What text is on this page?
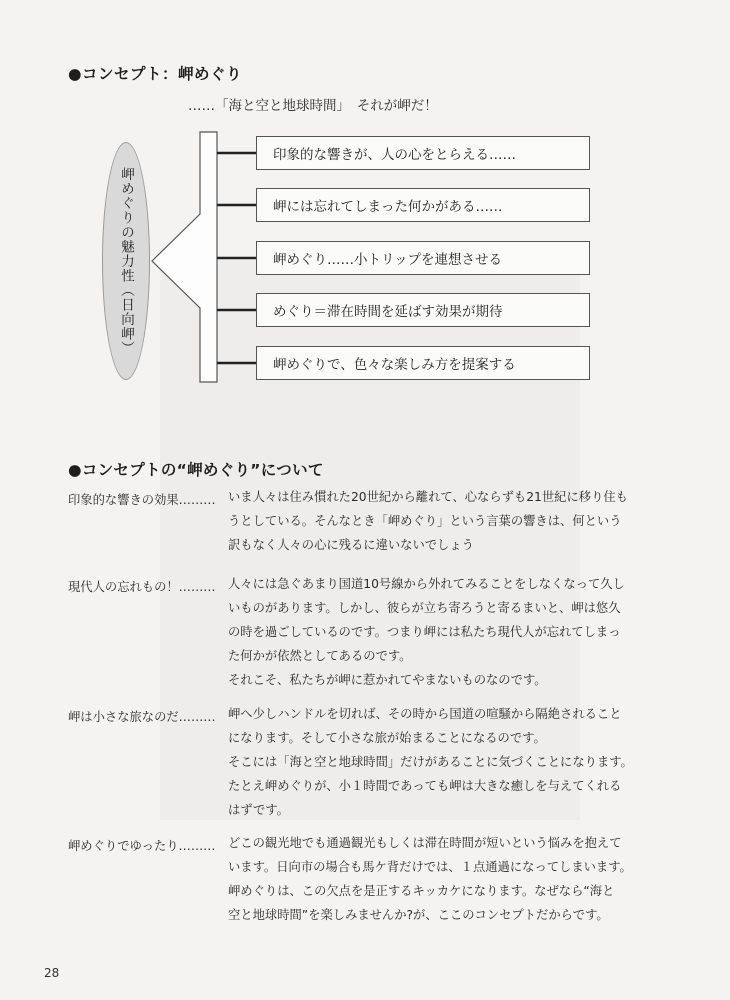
●コンセプト：岬めぐり
……「海と空と地球時間」　それが岬だ！
岬めぐりの魅力性（日向岬）
印象的な響きが、人の心をとらえる……
岬には忘れてしまった何かがある……
岬めぐり……小トリップを連想させる
めぐり＝滞在時間を延ばす効果が期待
岬めぐりで、色々な楽しみ方を提案する
●コンセプトの“岬めぐり”について
印象的な響きの効果……… いま人々は住み慣れた20世紀から離れて、心ならずも21世紀に移り住も
うとしている。そんなとき「岬めぐり」という言葉の響きは、何という
訳もなく人々の心に残るに違いないでしょう
現代人の忘れもの！……… 人々には急ぐあまり国道10号線から外れてみることをしなくなって久し
いものがあります。しかし、彼らが立ち寄ろうと寄るまいと、岬は悠久
の時を過ごしているのです。つまり岬には私たち現代人が忘れてしまっ
た何かが依然としてあるのです。
それこそ、私たちが岬に惹かれてやまないものなのです。
岬は小さな旅なのだ……… 岬へ少しハンドルを切れば、その時から国道の喧騒から隔絶されること
になります。そして小さな旅が始まることになるのです。
そこには「海と空と地球時間」だけがあることに気づくことになります。
たとえ岬めぐりが、小１時間であっても岬は大きな癒しを与えてくれる
はずです。
岬めぐりでゆったり……… どこの観光地でも通過観光もしくは滞在時間が短いという悩みを抱えて
います。日向市の場合も馬ケ背だけでは、１点通過になってしまいます。
岬めぐりは、この欠点を是正するキッカケになります。なぜなら“海と
空と地球時間”を楽しみませんか?が、ここのコンセプトだからです。
28
